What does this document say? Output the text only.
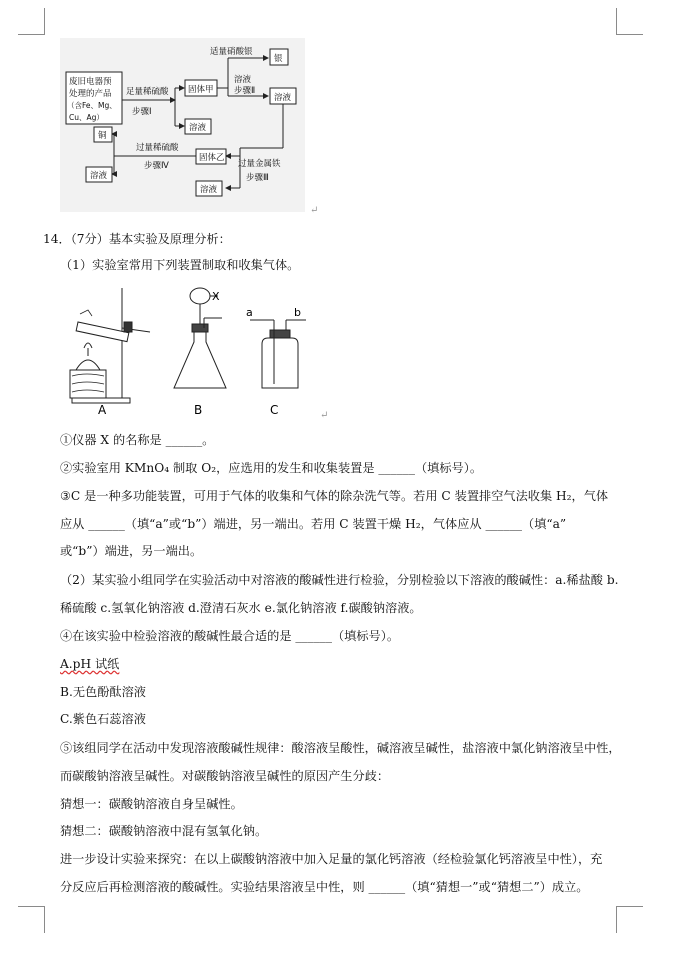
废旧电器预
处理的产品
（含Fe、Mg、
Cu、Ag）
足量稀硫酸
步骤Ⅰ
固体甲
溶液
适量硝酸银
溶液
步骤Ⅱ
银
溶液
过量金属铁
步骤Ⅲ
固体乙
溶液
过量稀硫酸
步骤Ⅳ
铜
溶液
↵
14．（7分）基本实验及原理分析：
（1）实验室常用下列装置制取和收集气体。
A	B	C
X
a	b
↵
①仪器 X 的名称是 ______。
②实验室用 KMnO₄ 制取 O₂，应选用的发生和收集装置是 ______（填标号）。
③C 是一种多功能装置，可用于气体的收集和气体的除杂洗气等。若用 C 装置排空气法收集 H₂，气体
应从 ______（填“a”或“b”）端进，另一端出。若用 C 装置干燥 H₂，气体应从 ______（填“a”
或“b”）端进，另一端出。
（2）某实验小组同学在实验活动中对溶液的酸碱性进行检验，分别检验以下溶液的酸碱性：a.稀盐酸 b.
稀硫酸 c.氢氧化钠溶液 d.澄清石灰水 e.氯化钠溶液 f.碳酸钠溶液。
④在该实验中检验溶液的酸碱性最合适的是 ______（填标号）。
A.pH 试纸
B.无色酚酞溶液
C.紫色石蕊溶液
⑤该组同学在活动中发现溶液酸碱性规律：酸溶液呈酸性，碱溶液呈碱性，盐溶液中氯化钠溶液呈中性，
而碳酸钠溶液呈碱性。对碳酸钠溶液呈碱性的原因产生分歧：
猜想一：碳酸钠溶液自身呈碱性。
猜想二：碳酸钠溶液中混有氢氧化钠。
进一步设计实验来探究：在以上碳酸钠溶液中加入足量的氯化钙溶液（经检验氯化钙溶液呈中性），充
分反应后再检测溶液的酸碱性。实验结果溶液呈中性，则 ______（填“猜想一”或“猜想二”）成立。
